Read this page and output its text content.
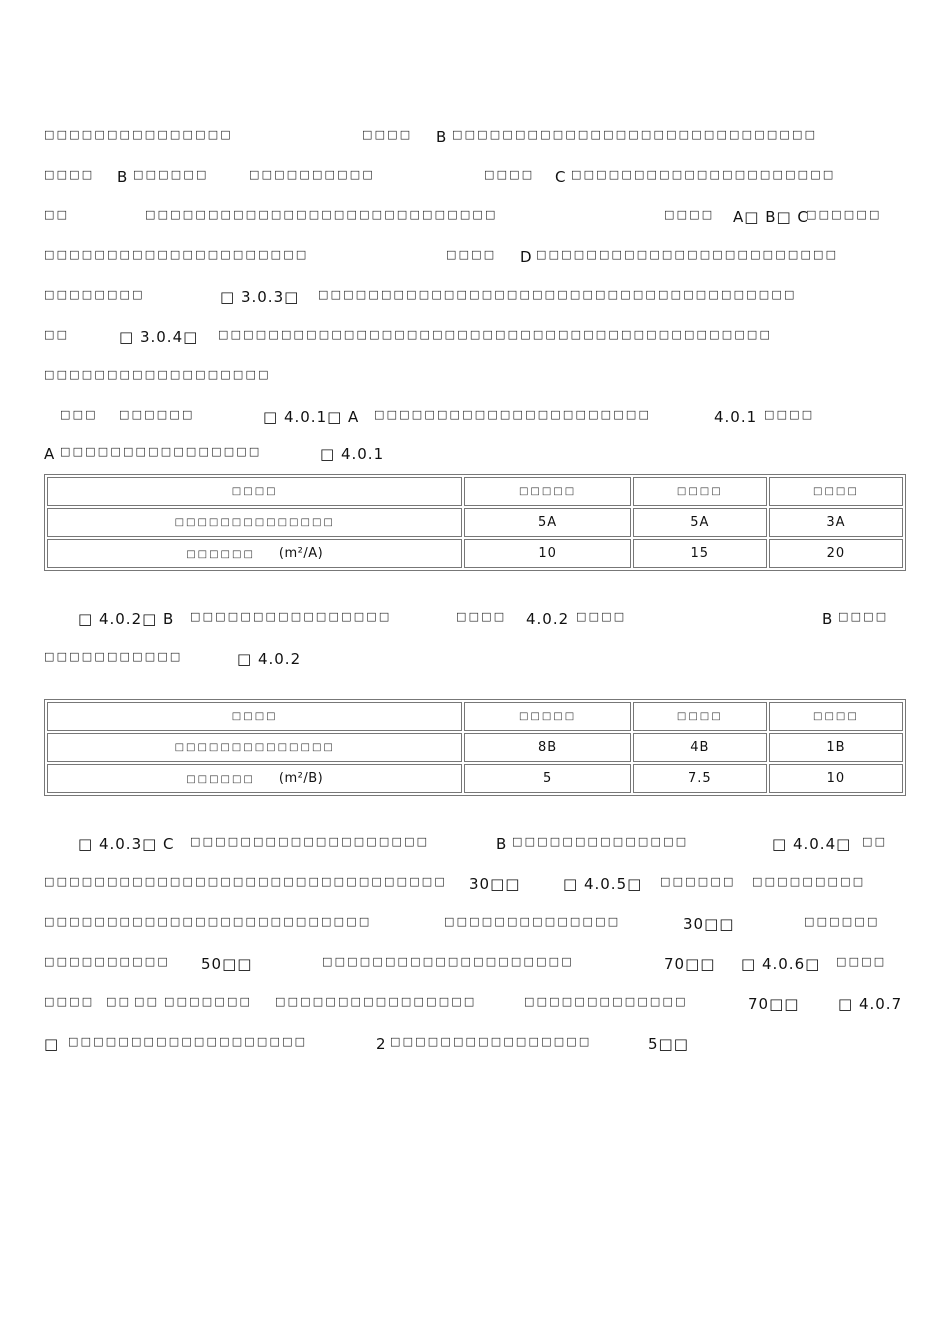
□□□□□□□□□□□□□□□	□□□□ B □□□□□□□□□□□□□□□□□□□□□□□□□□□□□
□□□□ B □□□□□□	□□□□□□□□□□	□□□□ C □□□□□□□□□□□□□□□□□□□□□
□□	□□□□□□□□□□□□□□□□□□□□□□□□□□□□	□□□□ A□ B□ C
□□□□□□
□□□□□□□□□□□□□□□□□□□□□	□□□□ D □□□□□□□□□□□□□□□□□□□□□□□□
□□□□□□□□	□ 3.0.3□ □□□□□□□□□□□□□□□□□□□□□□□□□□□□□□□□□□□□□□
□□	□ 3.0.4□ □□□□□□□□□□□□□□□□□□□□□□□□□□□□□□□□□□□□□□□□□□□□
□□□□□□□□□□□□□□□□□□
□□□ □□□□□□	□ 4.0.1□ A □□□□□□□□□□□□□□□□□□□□□□	4.0.1 □□□□
A □□□□□□□□□□□□□□□□	□ 4.0.1
□ 4.0.2□ B □□□□□□□□□□□□□□□□	□□□□ 4.0.2 □□□□	B □□□□
□□□□□□□□□□□	□ 4.0.2
□ 4.0.3□ C □□□□□□□□□□□□□□□□□□□	B □□□□□□□□□□□□□□	□ 4.0.4□ □□
□□□□□□□□□□□□□□□□□□□□□□□□□□□□□□□□ 30□□	□ 4.0.5□ □□□□□□ □□□□□□□□□
□□□□□□□□□□□□□□□□□□□□□□□□□□	□□□□□□□□□□□□□□	30□□	□□□□□□
□□□□□□□□□□ 50□□	□□□□□□□□□□□□□□□□□□□□	70□□ □ 4.0.6□ □□□□
□□□□ □□ □□ □□□□□□□ □□□□□□□□□□□□□□□□	□□□□□□□□□□□□□	70□□	□ 4.0.7
□ □□□□□□□□□□□□□□□□□□□	2 □□□□□□□□□□□□□□□□	5□□
□□□□	□□□□□	□□□□	□□□□
□□□□□□□□□□□□□□	5A	5A	3A
□□□□□□ (m²/A)	10	15	20
□□□□	□□□□□	□□□□	□□□□
□□□□□□□□□□□□□□	8B	4B	1B
□□□□□□ (m²/B)	5	7.5	10
